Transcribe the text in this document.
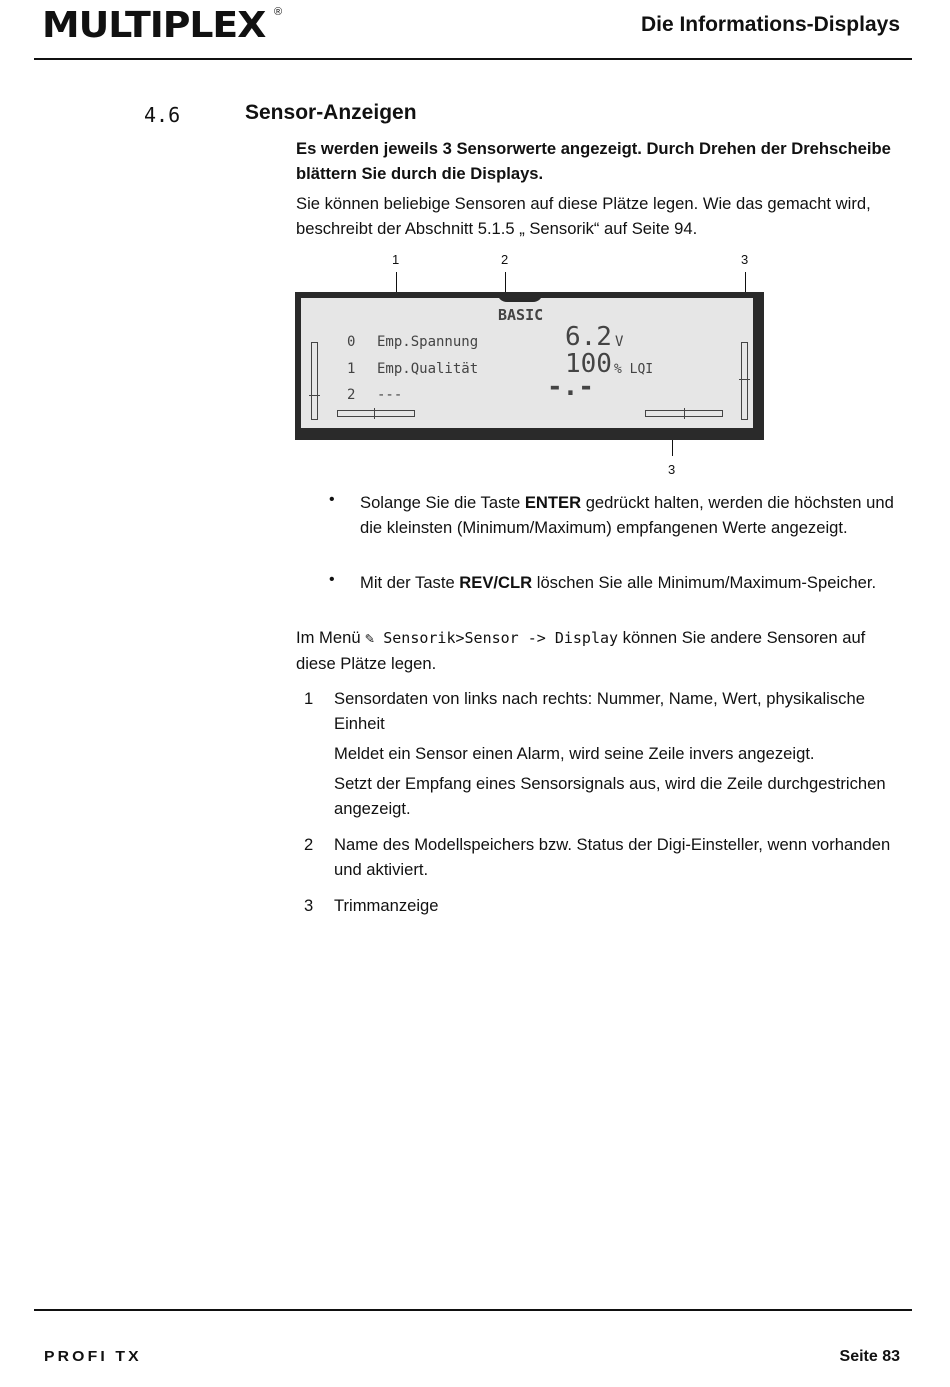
MULTIPLEX ®
Die Informations-Displays
4.6	Sensor-Anzeigen
Es werden jeweils 3 Sensorwerte angezeigt. Durch Drehen der Drehscheibe blättern Sie durch die Displays.
Sie können beliebige Sensoren auf diese Plätze legen. Wie das gemacht wird, beschreibt der Abschnitt 5.1.5 „ Sensorik“ auf Seite 94.
1	2	3
3
BASIC
0 Emp.Spannung	6.2 V
1 Emp.Qualität	100 % LQI
2 ---	-.-
• Solange Sie die Taste ENTER gedrückt halten, werden die höchsten und die kleinsten (Minimum/Maximum) empfangenen Werte angezeigt.
• Mit der Taste REV/CLR löschen Sie alle Minimum/Maximum-Speicher.
Im Menü ✎ Sensorik>Sensor -> Display können Sie andere Sensoren auf diese Plätze legen.
1 Sensordaten von links nach rechts: Nummer, Name, Wert, physikalische Einheit
Meldet ein Sensor einen Alarm, wird seine Zeile invers angezeigt.
Setzt der Empfang eines Sensorsignals aus, wird die Zeile durchgestrichen angezeigt.
2 Name des Modellspeichers bzw. Status der Digi-Einsteller, wenn vorhanden und aktiviert.
3 Trimmanzeige
PROFI TX	Seite 83
